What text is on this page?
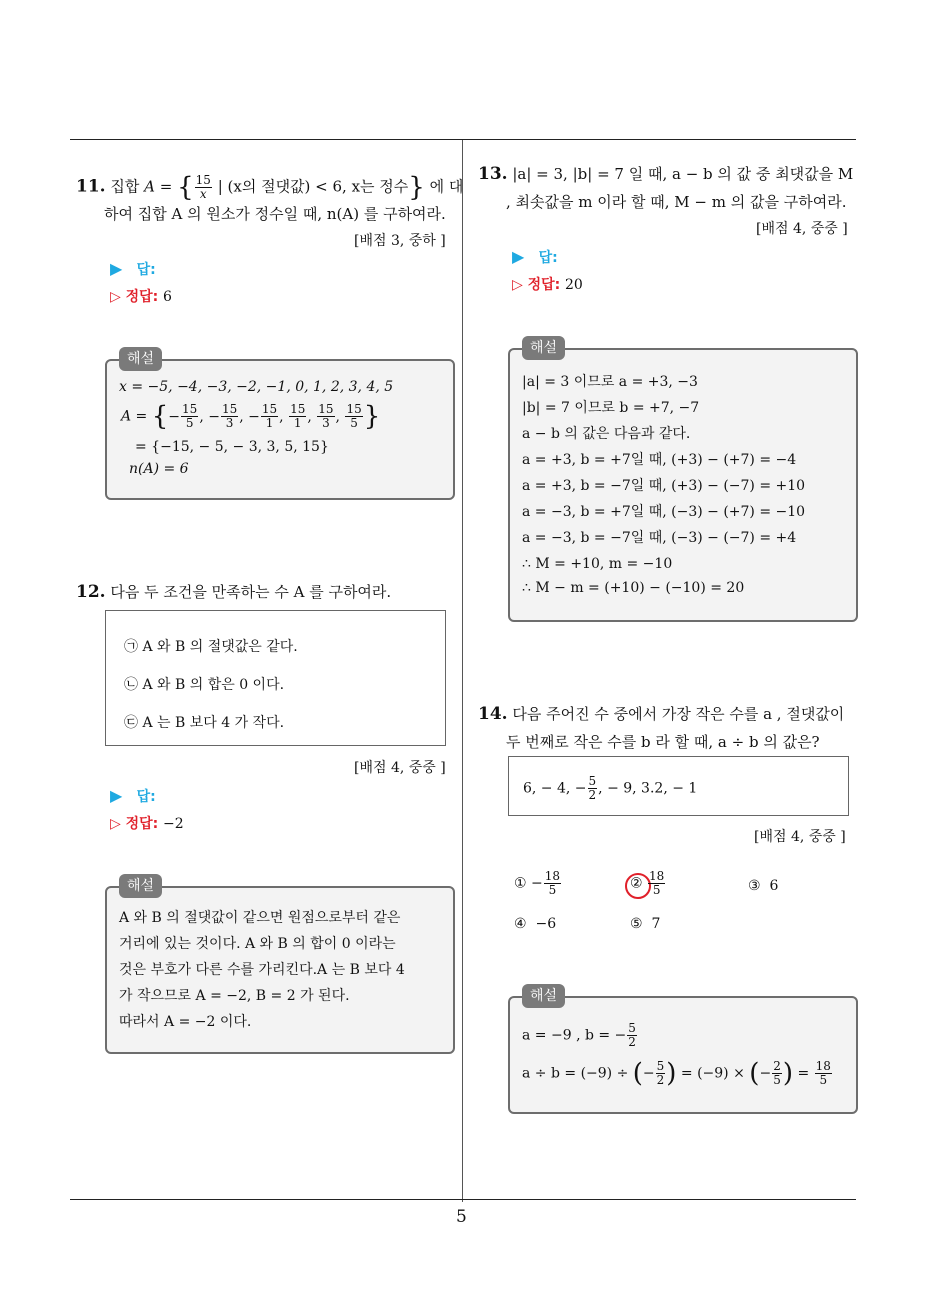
5
11. 집합 A = { $\frac{15}{x}$ | (x의 절댓값) < 6, x는 정수} 에 대
하여 집합 A 의 원소가 정수일 때, n(A) 를 구하여라.
[배점 3, 중하 ]
▶ 답:
▷ 정답: 6
해설
x = −5, −4, −3, −2, −1, 0, 1, 2, 3, 4, 5
A = {− $\frac{15}{5}$ , − $\frac{15}{3}$ , − $\frac{15}{1}$ , $\frac{15}{1}$ , $\frac{15}{3}$ , $\frac{15}{5}$ }
= {−15, − 5, − 3, 3, 5, 15}
n(A) = 6
12. 다음 두 조건을 만족하는 수 A 를 구하여라.
㉠ A 와 B 의 절댓값은 같다.
㉡ A 와 B 의 합은 0 이다.
㉢ A 는 B 보다 4 가 작다.
[배점 4, 중중 ]
▶ 답:
▷ 정답: −2
해설
A 와 B 의 절댓값이 같으면 원점으로부터 같은
거리에 있는 것이다. A 와 B 의 합이 0 이라는
것은 부호가 다른 수를 가리킨다.A 는 B 보다 4
가 작으므로 A = −2, B = 2 가 된다.
따라서 A = −2 이다.
13. |a| = 3, |b| = 7 일 때, a − b 의 값 중 최댓값을 M
, 최솟값을 m 이라 할 때, M − m 의 값을 구하여라.
[배점 4, 중중 ]
▶ 답:
▷ 정답: 20
해설
|a| = 3 이므로 a = +3, −3
|b| = 7 이므로 b = +7, −7
a − b 의 값은 다음과 같다.
a = +3, b = +7일 때, (+3) − (+7) = −4
a = +3, b = −7일 때, (+3) − (−7) = +10
a = −3, b = +7일 때, (−3) − (+7) = −10
a = −3, b = −7일 때, (−3) − (−7) = +4
∴ M = +10, m = −10
∴ M − m = (+10) − (−10) = 20
14. 다음 주어진 수 중에서 가장 작은 수를 a , 절댓값이
두 번째로 작은 수를 b 라 할 때, a ÷ b 의 값은?
6, − 4, − $\frac{5}{2}$ , − 9, 3.2, − 1
[배점 4, 중중 ]
① − $\frac{18}{5}$	② $\frac{18}{5}$	③ 6
④ −6	⑤ 7
해설
a = −9 , b = − $\frac{5}{2}$
a ÷ b = (−9) ÷ (− $\frac{5}{2}$ ) = (−9) × (− $\frac{2}{5}$ ) = $\frac{18}{5}$
